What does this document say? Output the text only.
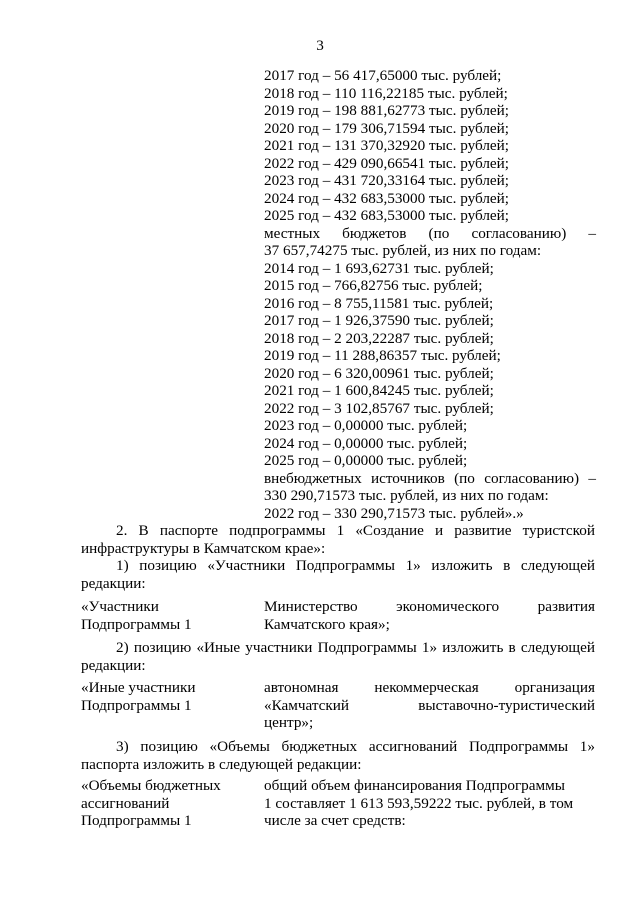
3
2017 год – 56 417,65000 тыс. рублей;
2018 год – 110 116,22185 тыс. рублей;
2019 год – 198 881,62773 тыс. рублей;
2020 год – 179 306,71594 тыс. рублей;
2021 год – 131 370,32920 тыс. рублей;
2022 год – 429 090,66541 тыс. рублей;
2023 год – 431 720,33164 тыс. рублей;
2024 год – 432 683,53000 тыс. рублей;
2025 год – 432 683,53000 тыс. рублей;
местных бюджетов (по согласованию) –
37 657,74275 тыс. рублей, из них по годам:
2014 год – 1 693,62731 тыс. рублей;
2015 год – 766,82756 тыс. рублей;
2016 год – 8 755,11581 тыс. рублей;
2017 год – 1 926,37590 тыс. рублей;
2018 год – 2 203,22287 тыс. рублей;
2019 год – 11 288,86357 тыс. рублей;
2020 год – 6 320,00961 тыс. рублей;
2021 год – 1 600,84245 тыс. рублей;
2022 год – 3 102,85767 тыс. рублей;
2023 год – 0,00000 тыс. рублей;
2024 год – 0,00000 тыс. рублей;
2025 год – 0,00000 тыс. рублей;
внебюджетных источников (по согласованию) –
330 290,71573 тыс. рублей, из них по годам:
2022 год – 330 290,71573 тыс. рублей».»

2. В паспорте подпрограммы 1 «Создание и развитие туристской инфраструктуры в Камчатском крае»:

1) позицию «Участники Подпрограммы 1» изложить в следующей редакции:

«Участники
Подпрограммы 1
Министерство экономического развития
Камчатского края»;

2) позицию «Иные участники Подпрограммы 1» изложить в следующей редакции:

«Иные участники
Подпрограммы 1
автономная некоммерческая организация
«Камчатский выставочно-туристический
центр»;

3) позицию «Объемы бюджетных ассигнований Подпрограммы 1» паспорта изложить в следующей редакции:

«Объемы бюджетных
ассигнований
Подпрограммы 1
общий объем финансирования Подпрограммы
1 составляет 1 613 593,59222 тыс. рублей, в том
числе за счет средств:
